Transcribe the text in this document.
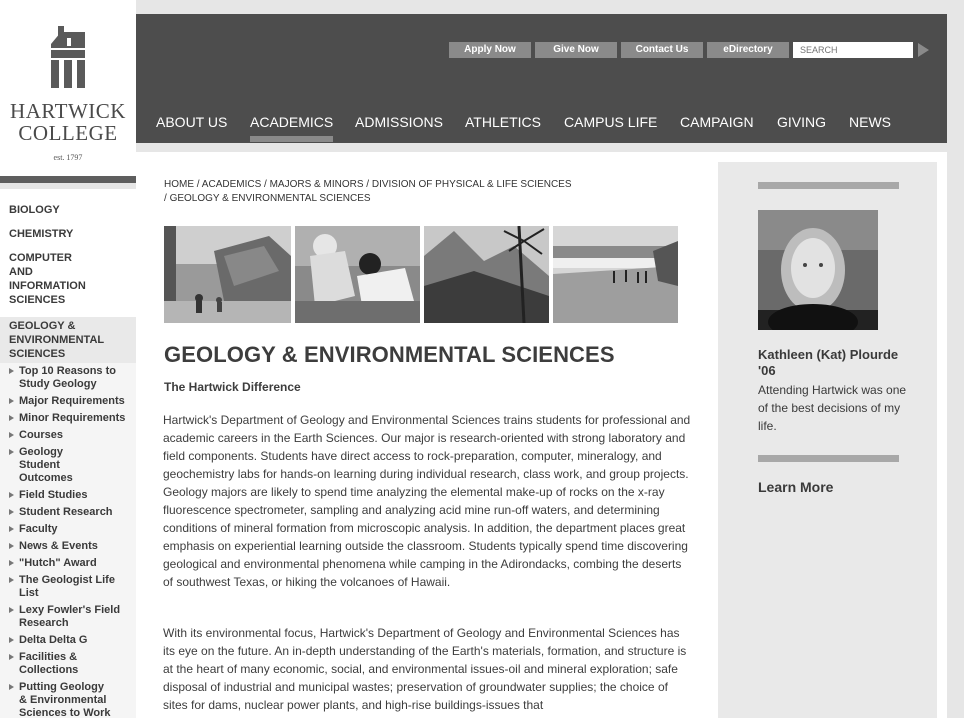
HARTWICK COLLEGE
est. 1797
BIOLOGY
CHEMISTRY
COMPUTER AND INFORMATION SCIENCES
GEOLOGY & ENVIRONMENTAL SCIENCES
Top 10 Reasons to Study Geology
Major Requirements
Minor Requirements
Courses
Geology Student Outcomes
Field Studies
Student Research
Faculty
News & Events
"Hutch" Award
The Geologist Life List
Lexy Fowler's Field Research
Delta Delta G
Facilities & Collections
Putting Geology & Environmental Sciences to Work
Apply Now	Give Now	Contact Us	eDirectory
SEARCH
ABOUT US ACADEMICS ADMISSIONS ATHLETICS CAMPUS LIFE CAMPAIGN GIVING NEWS
HOME / ACADEMICS / MAJORS & MINORS / DIVISION OF PHYSICAL & LIFE SCIENCES
/ GEOLOGY & ENVIRONMENTAL SCIENCES
GEOLOGY & ENVIRONMENTAL SCIENCES
The Hartwick Difference

Hartwick's Department of Geology and Environmental Sciences trains students for professional and academic careers in the Earth Sciences. Our major is research-oriented with strong laboratory and field components. Students have direct access to rock-preparation, computer, mineralogy, and geochemistry labs for hands-on learning during individual research, class work, and group projects. Geology majors are likely to spend time analyzing the elemental make-up of rocks on the x-ray fluorescence spectrometer, sampling and analyzing acid mine run-off waters, and determining conditions of mineral formation from microscopic analysis. In addition, the department places great emphasis on experiential learning outside the classroom. Students typically spend time discovering geological and environmental phenomena while camping in the Adirondacks, combing the deserts of southwest Texas, or hiking the volcanoes of Hawaii.

With its environmental focus, Hartwick's Department of Geology and Environmental Sciences has its eye on the future. An in-depth understanding of the Earth's materials, formation, and structure is at the heart of many economic, social, and environmental issues-oil and mineral exploration; safe disposal of industrial and municipal wastes; preservation of groundwater supplies; the choice of sites for dams, nuclear power plants, and high-rise buildings-issues that

Kathleen (Kat) Plourde '06
Attending Hartwick was one of the best decisions of my life.
Learn More
